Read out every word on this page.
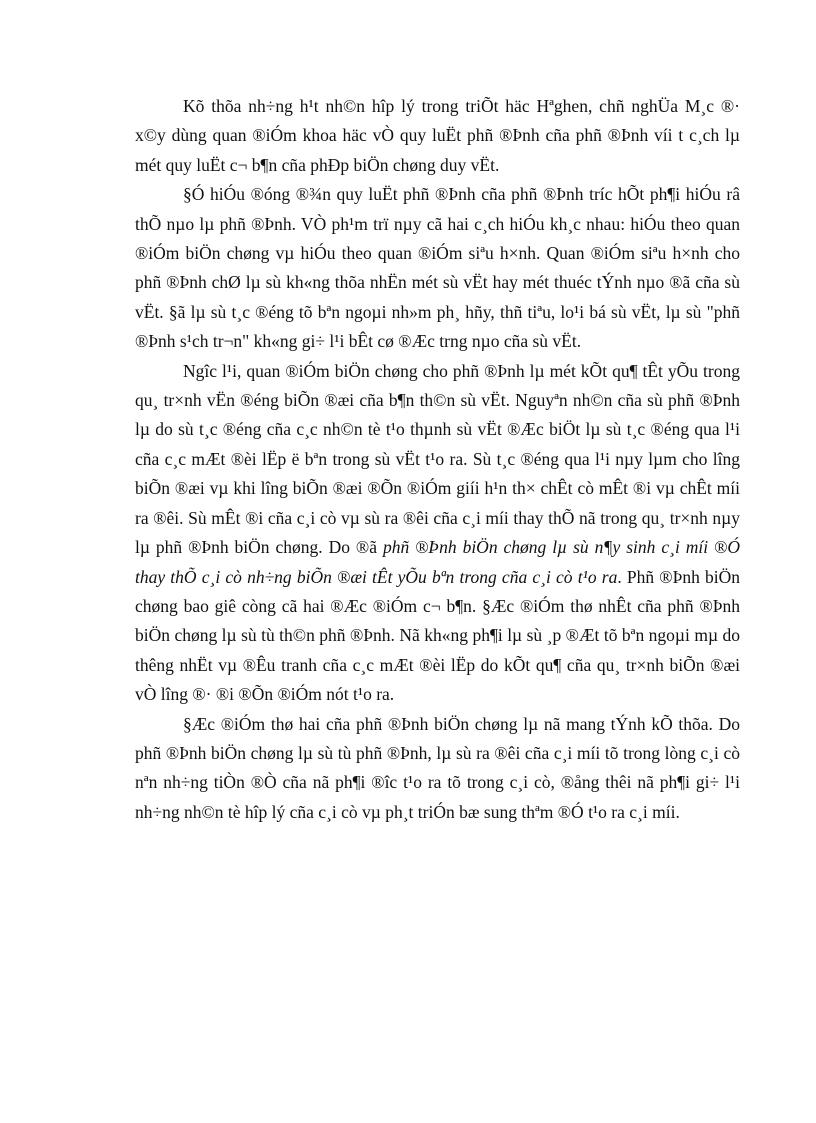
Kõ thõa nh÷ng h¹t nh©n hîp lý trong triÕt häc Hªghen, chñ nghÜa M¸c ®· x©y dùng quan ®iÓm khoa häc vÒ quy luËt phñ ®Þnh cña phñ ®Þnh víi t c¸ch lµ mét quy luËt c¬ b¶n cña phÐp biÖn chøng duy vËt.

§Ó hiÓu ®óng ®¾n quy luËt phñ ®Þnh cña phñ ®Þnh tríc hÕt ph¶i hiÓu râ thÕ nµo lµ phñ ®Þnh. VÒ ph¹m trï nµy cã hai c¸ch hiÓu kh¸c nhau: hiÓu theo quan ®iÓm biÖn chøng vµ hiÓu theo quan ®iÓm siªu h×nh. Quan ®iÓm siªu h×nh cho phñ ®Þnh chØ lµ sù kh«ng thõa nhËn mét sù vËt hay mét thuéc tÝnh nµo ®ã cña sù vËt. §ã lµ sù t¸c ®éng tõ bªn ngoµi nh»m ph¸ hñy, thñ tiªu, lo¹i bá sù vËt, lµ sù "phñ ®Þnh s¹ch tr¬n" kh«ng gi÷ l¹i bÊt cø ®Æc trng nµo cña sù vËt.

Ngîc l¹i, quan ®iÓm biÖn chøng cho phñ ®Þnh lµ mét kÕt qu¶ tÊt yÕu trong qu¸ tr×nh vËn ®éng biÕn ®æi cña b¶n th©n sù vËt. Nguyªn nh©n cña sù phñ ®Þnh lµ do sù t¸c ®éng cña c¸c nh©n tè t¹o thµnh sù vËt ®Æc biÖt lµ sù t¸c ®éng qua l¹i cña c¸c mÆt ®èi lËp ë bªn trong sù vËt t¹o ra. Sù t¸c ®éng qua l¹i nµy lµm cho lîng biÕn ®æi vµ khi lîng biÕn ®æi ®Õn ®iÓm giíi h¹n th× chÊt cò mÊt ®i vµ chÊt míi ra ®êi. Sù mÊt ®i cña c¸i cò vµ sù ra ®êi cña c¸i míi thay thÕ nã trong qu¸ tr×nh nµy lµ phñ ®Þnh biÖn chøng. Do ®ã phñ ®Þnh biÖn chøng lµ sù n¶y sinh c¸i míi ®Ó thay thÕ c¸i cò nh÷ng biÕn ®æi tÊt yÕu bªn trong cña c¸i cò t¹o ra. Phñ ®Þnh biÖn chøng bao giê còng cã hai ®Æc ®iÓm c¬ b¶n. §Æc ®iÓm thø nhÊt cña phñ ®Þnh biÖn chøng lµ sù tù th©n phñ ®Þnh. Nã kh«ng ph¶i lµ sù ¸p ®Æt tõ bªn ngoµi mµ do thêng nhËt vµ ®Êu tranh cña c¸c mÆt ®èi lËp do kÕt qu¶ cña qu¸ tr×nh biÕn ®æi vÒ lîng ®· ®i ®Õn ®iÓm nót t¹o ra.

§Æc ®iÓm thø hai cña phñ ®Þnh biÖn chøng lµ nã mang tÝnh kÕ thõa. Do phñ ®Þnh biÖn chøng lµ sù tù phñ ®Þnh, lµ sù ra ®êi cña c¸i míi tõ trong lòng c¸i cò nªn nh÷ng tiÒn ®Ò cña nã ph¶i ®îc t¹o ra tõ trong c¸i cò, ®ång thêi nã ph¶i gi÷ l¹i nh÷ng nh©n tè hîp lý cña c¸i cò vµ ph¸t triÓn bæ sung thªm ®Ó t¹o ra c¸i míi.
